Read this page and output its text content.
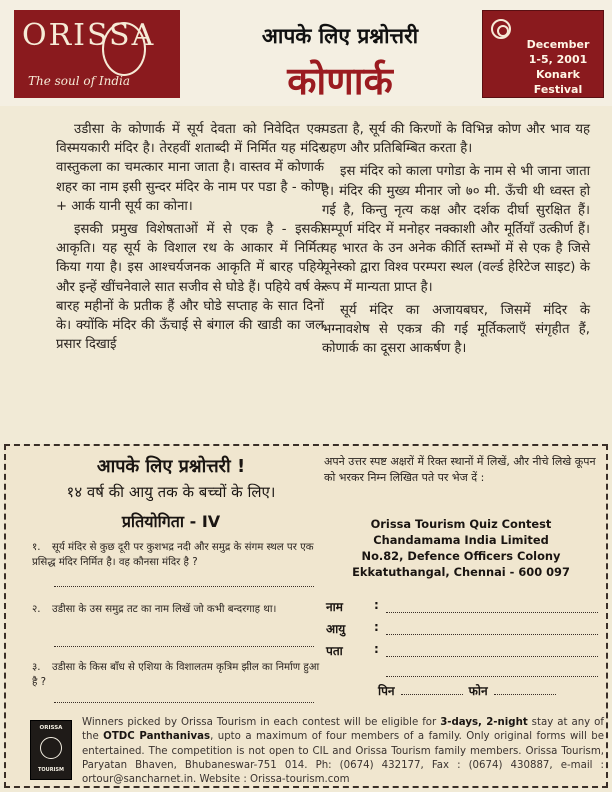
ORISSA
The soul of India
आपके लिए प्रश्नोत्तरी
कोणार्क
December
1-5, 2001
Konark Festival

उडीसा के कोणार्क में सूर्य देवता को निवेदित एक विस्मयकारी मंदिर है। तेरहवीं शताब्दी में निर्मित यह मंदिर वास्तुकला का चमत्कार माना जाता है। वास्तव में कोणार्क शहर का नाम इसी सुन्दर मंदिर के नाम पर पडा है - कोण + आर्क यानी सूर्य का कोना।

इसकी प्रमुख विशेषताओं में से एक है - इसकी आकृति। यह सूर्य के विशाल रथ के आकार में निर्मित किया गया है। इस आश्चर्यजनक आकृति में बारह पहिये और इन्हें खींचनेवाले सात सजीव से घोडे हैं। पहिये वर्ष के बारह महीनों के प्रतीक हैं और घोडे सप्ताह के सात दिनों के। क्योंकि मंदिर की ऊँचाई से बंगाल की खाडी का जल प्रसार दिखाई

पडता है, सूर्य की किरणों के विभिन्न कोण और भाव यह ग्रहण और प्रतिबिम्बित करता है।

इस मंदिर को काला पगोडा के नाम से भी जाना जाता है। मंदिर की मुख्य मीनार जो ७० मी. ऊँची थी ध्वस्त हो गई है, किन्तु नृत्य कक्ष और दर्शक दीर्घा सुरक्षित हैं। सम्पूर्ण मंदिर में मनोहर नक्काशी और मूर्तियाँ उत्कीर्ण हैं। यह भारत के उन अनेक कीर्ति स्तम्भों में से एक है जिसे यूनेस्को द्वारा विश्व परम्परा स्थल (वर्ल्ड हेरिटेज साइट) के रूप में मान्यता प्राप्त है।

सूर्य मंदिर का अजायबघर, जिसमें मंदिर के भग्नावशेष से एकत्र की गई मूर्तिकलाएँ संगृहीत हैं, कोणार्क का दूसरा आकर्षण है।

आपके लिए प्रश्नोत्तरी !
१४ वर्ष की आयु तक के बच्चों के लिए।
प्रतियोगिता - IV
१. सूर्य मंदिर से कुछ दूरी पर कुशभद्र नदी और समुद्र के संगम स्थल पर एक प्रसिद्ध मंदिर निर्मित है। वह कौनसा मंदिर है ?
२. उडीसा के उस समुद्र तट का नाम लिखें जो कभी बन्दरगाह था।
३. उडीसा के किस बाँध से एशिया के विशालतम कृत्रिम झील का निर्माण हुआ है ?
अपने उत्तर स्पष्ट अक्षरों में रिक्त स्थानों में लिखें, और नीचे लिखे कूपन को भरकर निम्न लिखित पते पर भेज दें :
Orissa Tourism Quiz Contest
Chandamama India Limited
No.82, Defence Officers Colony
Ekkatuthangal, Chennai - 600 097
नाम	:
आयु :
पता	:
पिन	फोन
ORISSA
TOURISM
Winners picked by Orissa Tourism in each contest will be eligible for 3-days, 2-night stay at any of the OTDC Panthanivas, upto a maximum of four members of a family. Only original forms will be entertained. The competition is not open to CIL and Orissa Tourism family members. Orissa Tourism, Paryatan Bhaven, Bhubaneswar-751 014. Ph: (0674) 432177, Fax : (0674) 430887, e-mail : ortour@sancharnet.in. Website : Orissa-tourism.com
